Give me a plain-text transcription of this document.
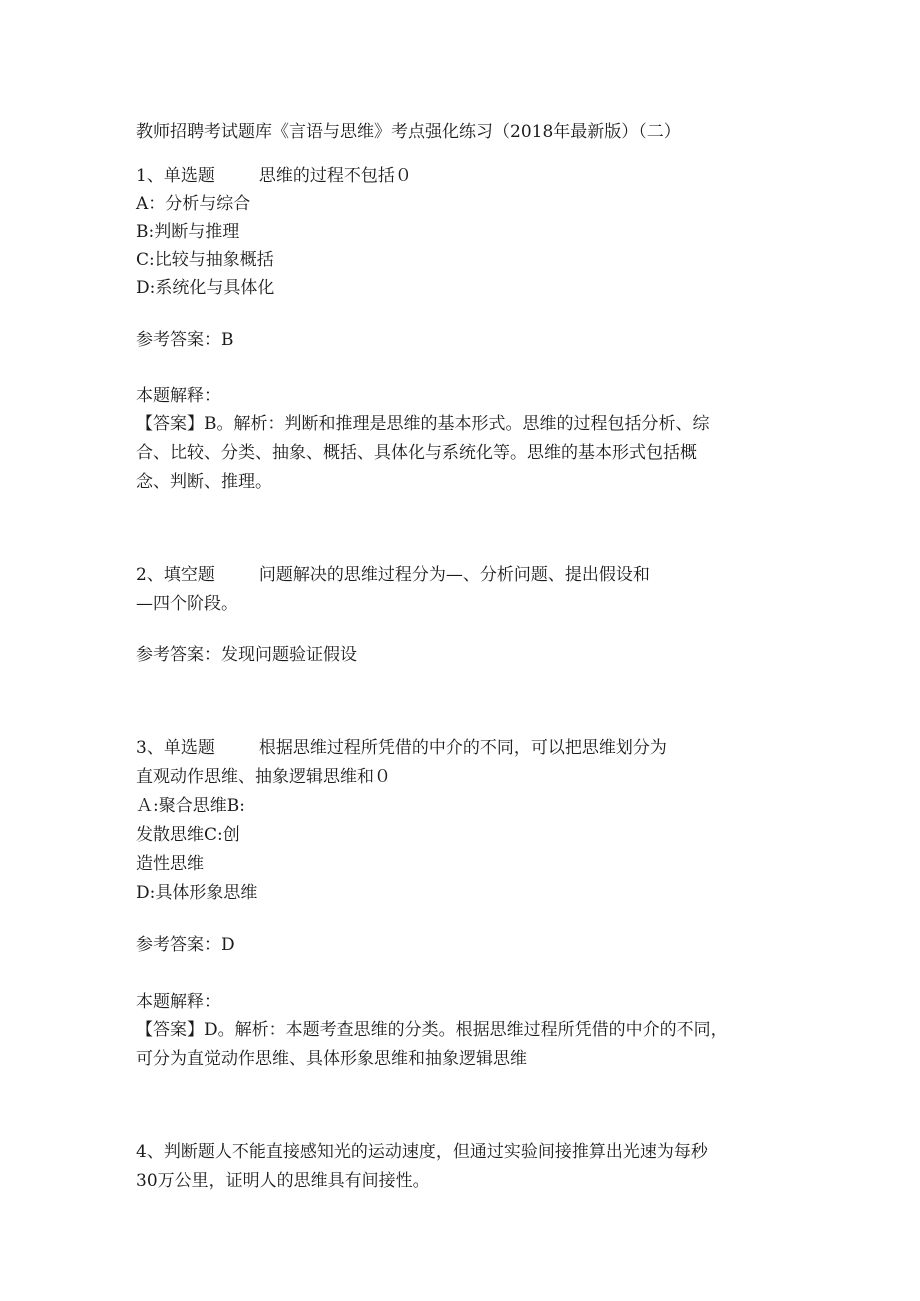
教师招聘考试题库《言语与思维》考点强化练习（2018年最新版）（二）
1、单选题	思维的过程不包括０
A：分析与综合
B:判断与推理
C:比较与抽象概括
D:系统化与具体化
参考答案：B
本题解释：
【答案】B。解析：判断和推理是思维的基本形式。思维的过程包括分析、综
合、比较、分类、抽象、概括、具体化与系统化等。思维的基本形式包括概
念、判断、推理。
2、填空题	问题解决的思维过程分为—、分析问题、提出假设和
—四个阶段。
参考答案：发现问题验证假设
3、单选题	根据思维过程所凭借的中介的不同，可以把思维划分为
直观动作思维、抽象逻辑思维和０
Ａ:聚合思维B:
发散思维C:创
造性思维
D:具体形象思维
参考答案：D
本题解释：
【答案】D。解析：本题考查思维的分类。根据思维过程所凭借的中介的不同，
可分为直觉动作思维、具体形象思维和抽象逻辑思维
4、判断题人不能直接感知光的运动速度，但通过实验间接推算出光速为每秒
30万公里，证明人的思维具有间接性。
